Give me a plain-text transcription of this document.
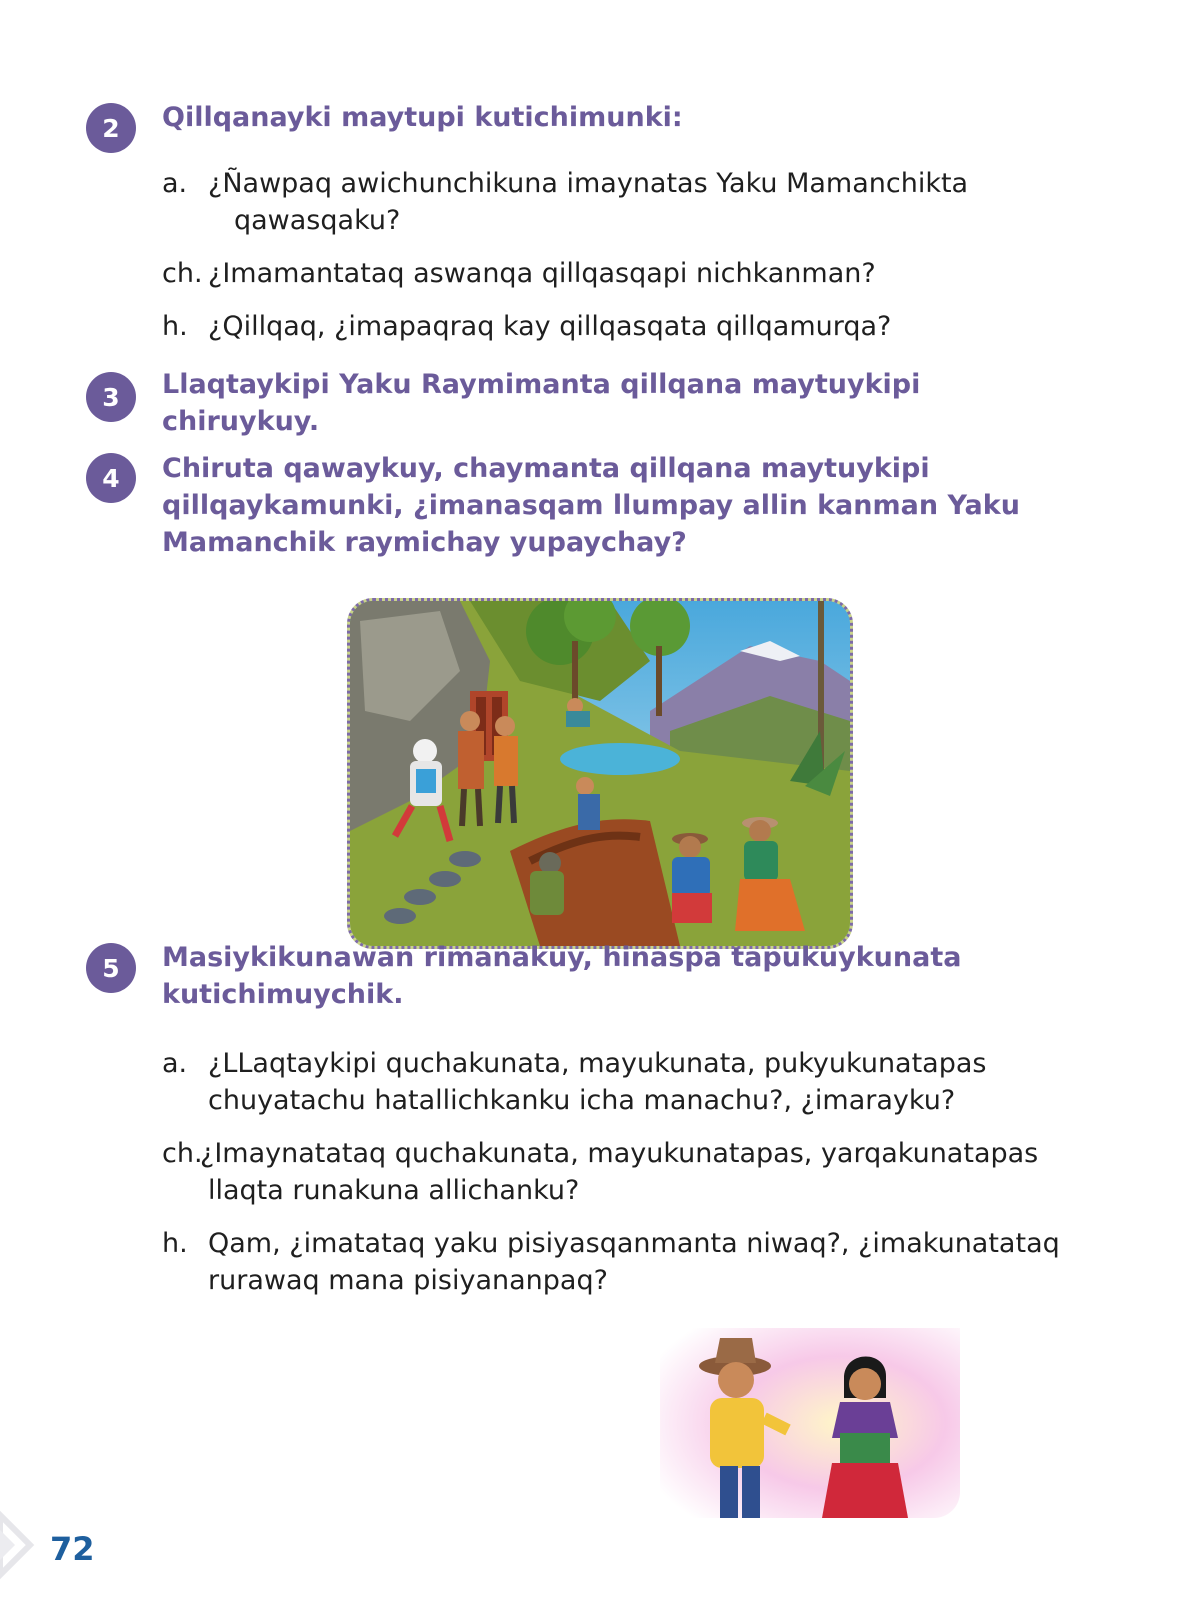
2 Qillqanayki maytupi kutichimunki:
a. ¿Ñawpaq awichunchikuna imaynatas Yaku Mamanchikta
qawasqaku?
ch. ¿Imamantataq aswanqa qillqasqapi nichkanman?
h. ¿Qillqaq, ¿imapaqraq kay qillqasqata qillqamurqa?
3 Llaqtaykipi Yaku Raymimanta qillqana maytuykipi chiruykuy.
4 Chiruta qawaykuy, chaymanta qillqana maytuykipi
qillqaykamunki, ¿imanasqam llumpay allin kanman Yaku
Mamanchik raymichay yupaychay?
5 Masiykikunawan rimanakuy, hinaspa tapukuykunata
kutichimuychik.
a. ¿LLaqtaykipi quchakunata, mayukunata, pukyukunatapas
chuyatachu hatallichkanku icha manachu?, ¿imarayku?
ch.
¿Imaynatataq quchakunata, mayukunatapas, yarqakunatapas
llaqta runakuna allichanku?
h. Qam, ¿imatataq yaku pisiyasqanmanta niwaq?, ¿imakunatataq
rurawaq mana pisiyananpaq?
72
